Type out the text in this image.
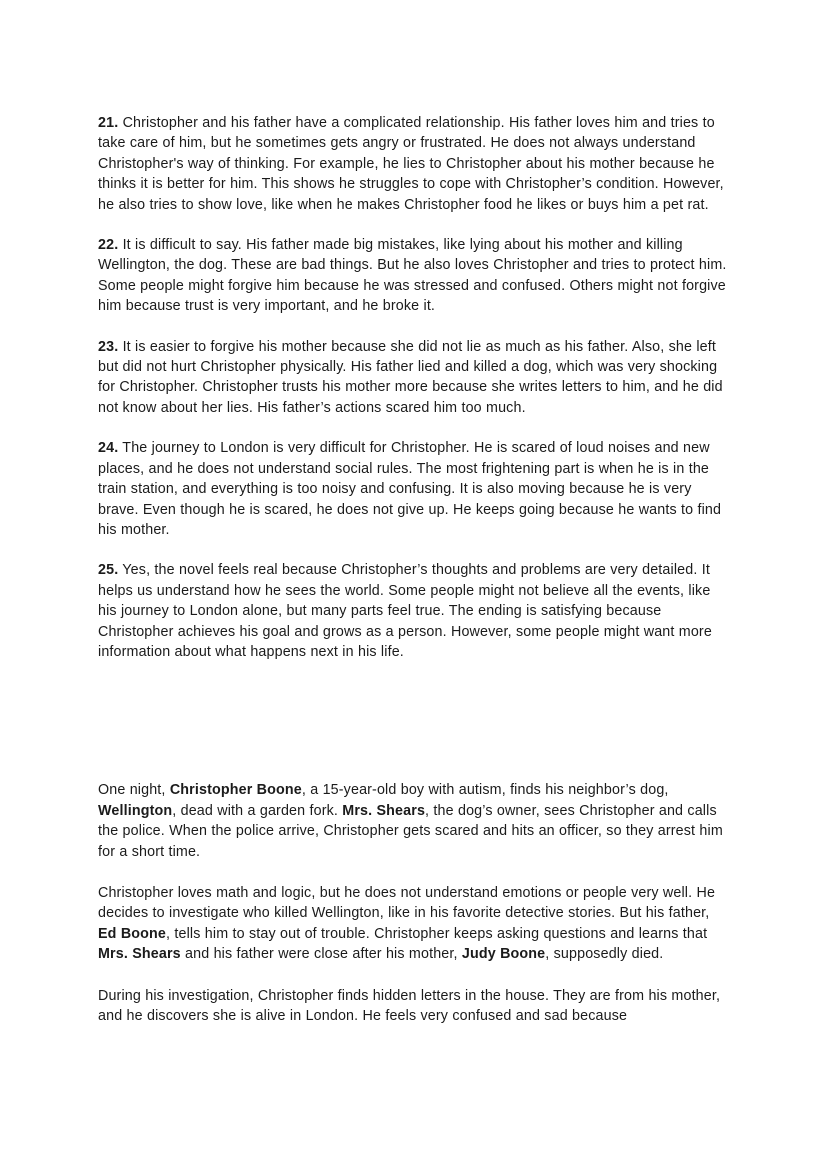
21. Christopher and his father have a complicated relationship. His father loves him and tries to take care of him, but he sometimes gets angry or frustrated. He does not always understand Christopher's way of thinking. For example, he lies to Christopher about his mother because he thinks it is better for him. This shows he struggles to cope with Christopher’s condition. However, he also tries to show love, like when he makes Christopher food he likes or buys him a pet rat.

22. It is difficult to say. His father made big mistakes, like lying about his mother and killing Wellington, the dog. These are bad things. But he also loves Christopher and tries to protect him. Some people might forgive him because he was stressed and confused. Others might not forgive him because trust is very important, and he broke it.

23. It is easier to forgive his mother because she did not lie as much as his father. Also, she left but did not hurt Christopher physically. His father lied and killed a dog, which was very shocking for Christopher. Christopher trusts his mother more because she writes letters to him, and he did not know about her lies. His father’s actions scared him too much.

24. The journey to London is very difficult for Christopher. He is scared of loud noises and new places, and he does not understand social rules. The most frightening part is when he is in the train station, and everything is too noisy and confusing. It is also moving because he is very brave. Even though he is scared, he does not give up. He keeps going because he wants to find his mother.

25. Yes, the novel feels real because Christopher’s thoughts and problems are very detailed. It helps us understand how he sees the world. Some people might not believe all the events, like his journey to London alone, but many parts feel true. The ending is satisfying because Christopher achieves his goal and grows as a person. However, some people might want more information about what happens next in his life.

One night, Christopher Boone, a 15-year-old boy with autism, finds his neighbor’s dog, Wellington, dead with a garden fork. Mrs. Shears, the dog’s owner, sees Christopher and calls the police. When the police arrive, Christopher gets scared and hits an officer, so they arrest him for a short time.

Christopher loves math and logic, but he does not understand emotions or people very well. He decides to investigate who killed Wellington, like in his favorite detective stories. But his father, Ed Boone, tells him to stay out of trouble. Christopher keeps asking questions and learns that Mrs. Shears and his father were close after his mother, Judy Boone, supposedly died.

During his investigation, Christopher finds hidden letters in the house. They are from his mother, and he discovers she is alive in London. He feels very confused and sad because
